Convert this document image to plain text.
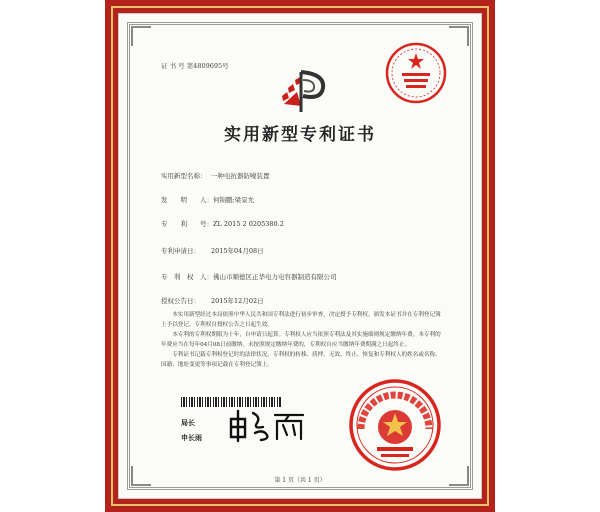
证 书 号 第4809695号
实用新型专利证书
实用新型名称： 一种电抗器防噪装置
发　　明　　人：何锦鹏;梁景允
专　　利　　号：ZL 2015 2 0205380.2
专利申请日： 2015年04月08日
专　利　权　人：佛山市顺德区正华电力电容器制造有限公司
授权公告日： 2015年12月02日

本实用新型经过本局依照中华人民共和国专利法进行初步审查，决定授予专利权，颁发本证书并在专利登记簿上予以登记。专利权自授权公告之日起生效。

本专利的专利权期限为十年，自申请日起算。专利权人应当依照专利法及其实施细则规定缴纳年费。本专利的年费应当在每年04月08日前缴纳。未按照规定缴纳年费的，专利权自应当缴纳年费期满之日起终止。

专利证书记载专利权登记时的法律状况。专利权的转移、质押、无效、终止、恢复和专利权人的姓名或名称、国籍、地址变更等事项记载在专利登记簿上。

局长
申长雨
第 1 页（共 1 页）
